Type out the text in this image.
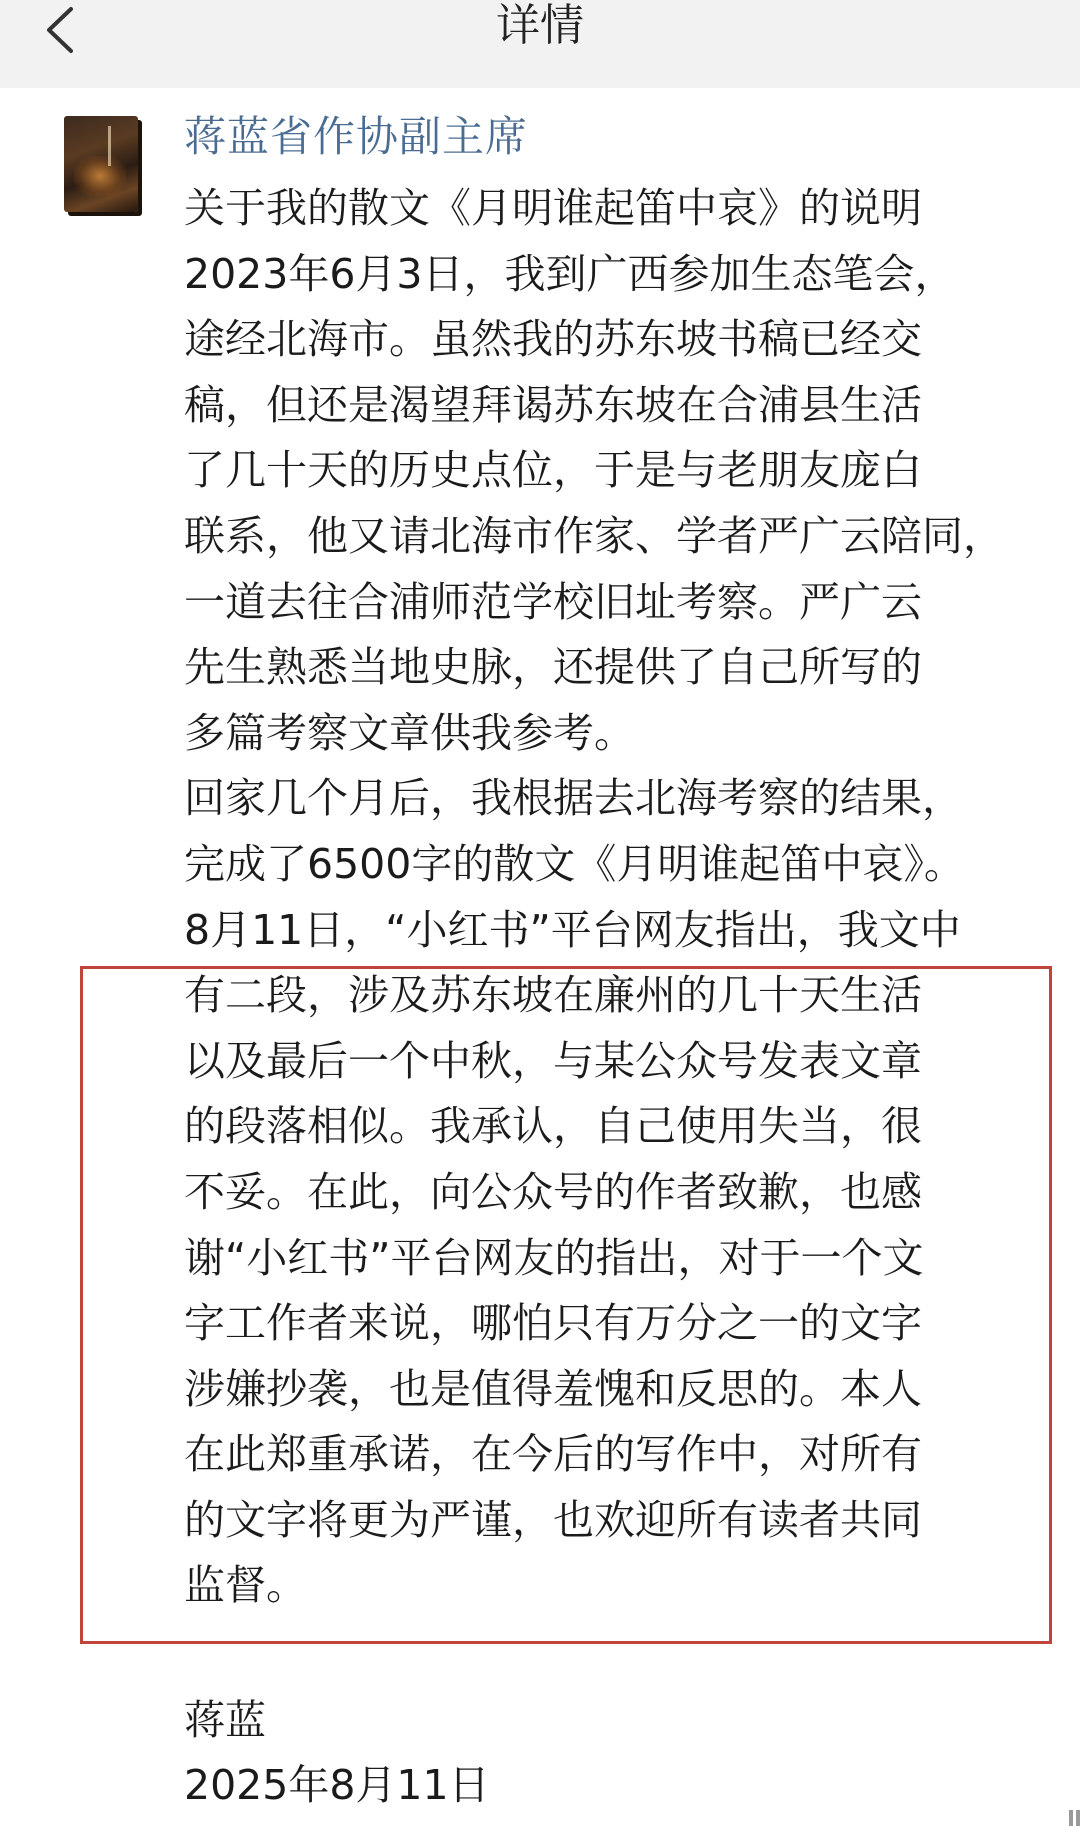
详情
蒋蓝省作协副主席
关于我的散文《月明谁起笛中哀》的说明
2023年6月3日，我到广西参加生态笔会，
途经北海市。虽然我的苏东坡书稿已经交
稿，但还是渴望拜谒苏东坡在合浦县生活
了几十天的历史点位，于是与老朋友庞白
联系，他又请北海市作家、学者严广云陪同，
一道去往合浦师范学校旧址考察。严广云
先生熟悉当地史脉，还提供了自己所写的
多篇考察文章供我参考。
回家几个月后，我根据去北海考察的结果，
完成了6500字的散文《月明谁起笛中哀》。
8月11日，“小红书”平台网友指出，我文中
有二段，涉及苏东坡在廉州的几十天生活
以及最后一个中秋，与某公众号发表文章
的段落相似。我承认，自己使用失当，很
不妥。在此，向公众号的作者致歉，也感
谢“小红书”平台网友的指出，对于一个文
字工作者来说，哪怕只有万分之一的文字
涉嫌抄袭，也是值得羞愧和反思的。本人
在此郑重承诺，在今后的写作中，对所有
的文字将更为严谨，也欢迎所有读者共同
监督。
蒋蓝
2025年8月11日
